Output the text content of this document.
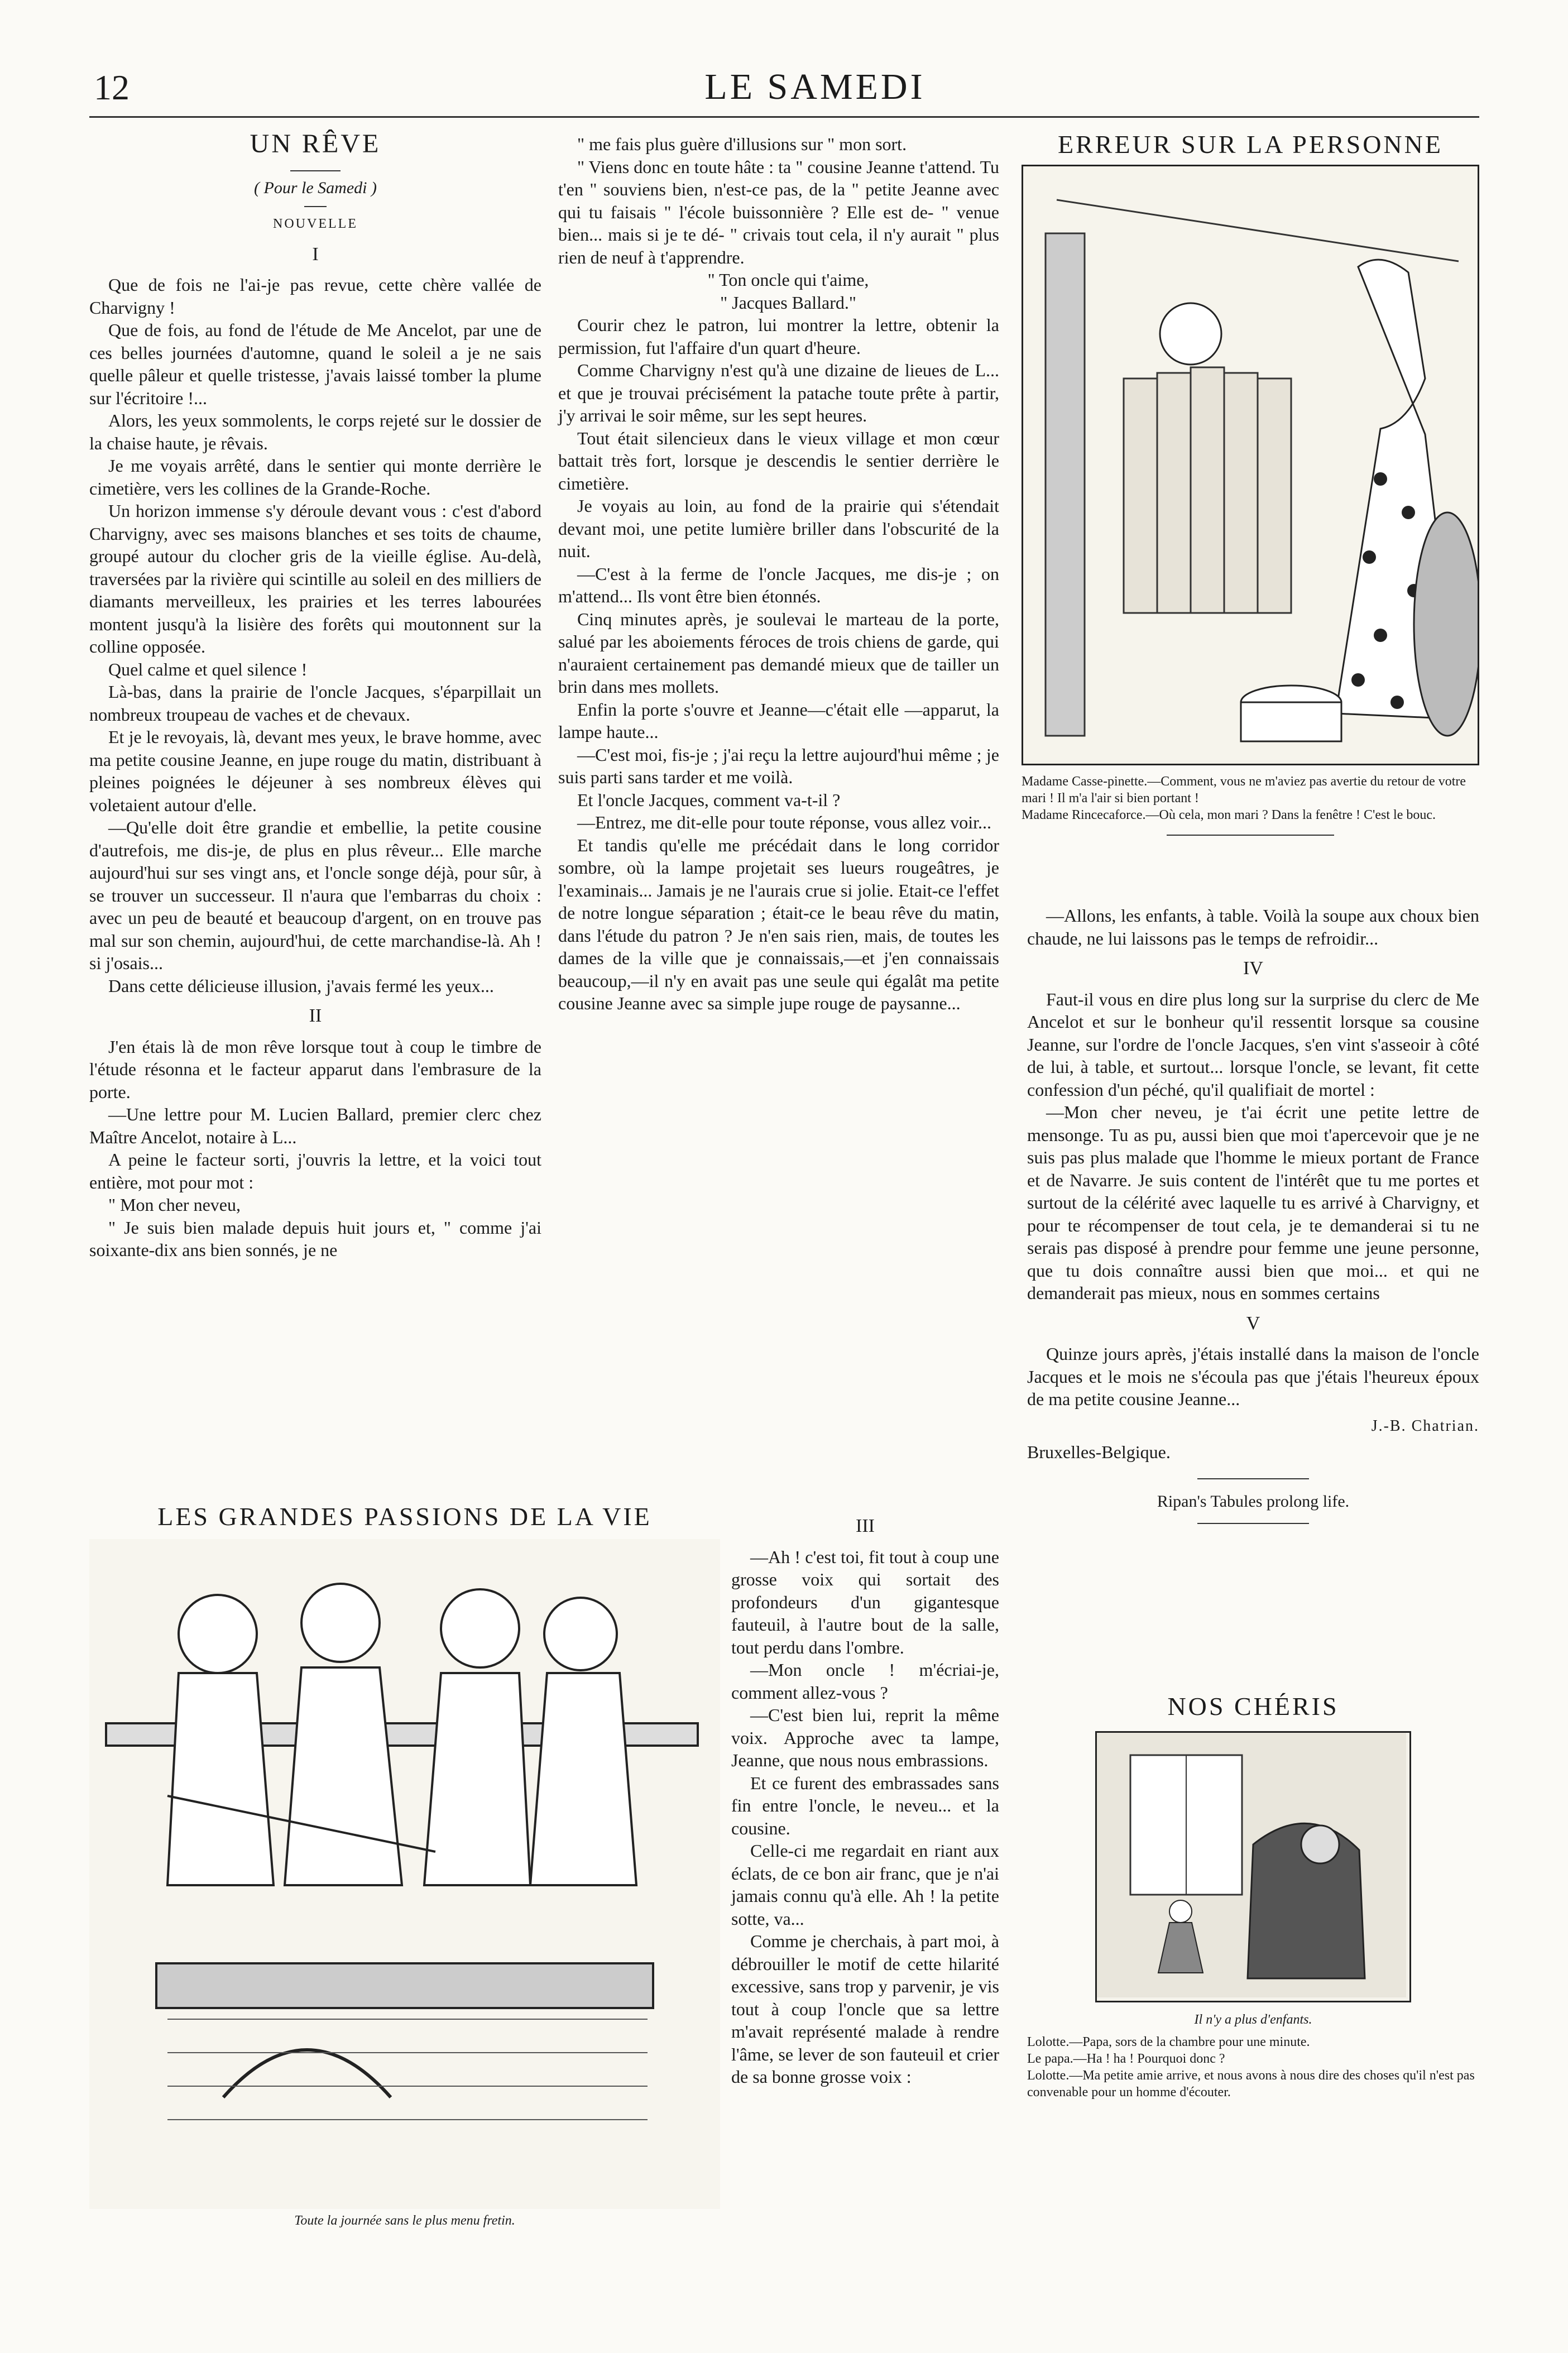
12	LE SAMEDI
UN RÊVE
( Pour le Samedi )
NOUVELLE
I

Que de fois ne l'ai-je pas revue, cette chère vallée de Charvigny !

Que de fois, au fond de l'étude de Me Ancelot, par une de ces belles journées d'automne, quand le soleil a je ne sais quelle pâleur et quelle tristesse, j'avais laissé tomber la plume sur l'écritoire !...

Alors, les yeux sommolents, le corps rejeté sur le dossier de la chaise haute, je rêvais.

Je me voyais arrêté, dans le sentier qui monte derrière le cimetière, vers les collines de la Grande-Roche.

Un horizon immense s'y déroule devant vous : c'est d'abord Charvigny, avec ses maisons blanches et ses toits de chaume, groupé autour du clocher gris de la vieille église. Au-delà, traversées par la rivière qui scintille au soleil en des milliers de diamants merveilleux, les prairies et les terres labourées montent jusqu'à la lisière des forêts qui moutonnent sur la colline opposée.

Quel calme et quel silence !

Là-bas, dans la prairie de l'oncle Jacques, s'éparpillait un nombreux troupeau de vaches et de chevaux.

Et je le revoyais, là, devant mes yeux, le brave homme, avec ma petite cousine Jeanne, en jupe rouge du matin, distribuant à pleines poignées le déjeuner à ses nombreux élèves qui voletaient autour d'elle.

—Qu'elle doit être grandie et embellie, la petite cousine d'autrefois, me dis-je, de plus en plus rêveur... Elle marche aujourd'hui sur ses vingt ans, et l'oncle songe déjà, pour sûr, à se trouver un successeur. Il n'aura que l'embarras du choix : avec un peu de beauté et beaucoup d'argent, on en trouve pas mal sur son chemin, aujourd'hui, de cette marchandise-là. Ah ! si j'osais...

Dans cette délicieuse illusion, j'avais fermé les yeux...

II

J'en étais là de mon rêve lorsque tout à coup le timbre de l'étude résonna et le facteur apparut dans l'embrasure de la porte.

—Une lettre pour M. Lucien Ballard, premier clerc chez Maître Ancelot, notaire à L...

A peine le facteur sorti, j'ouvris la lettre, et la voici tout entière, mot pour mot :

" Mon cher neveu,

" Je suis bien malade depuis huit jours et, " comme j'ai soixante-dix ans bien sonnés, je ne

" me fais plus guère d'illusions sur " mon sort.

" Viens donc en toute hâte : ta " cousine Jeanne t'attend. Tu t'en " souviens bien, n'est-ce pas, de la " petite Jeanne avec qui tu faisais " l'école buissonnière ? Elle est de- " venue bien... mais si je te dé- " crivais tout cela, il n'y aurait " plus rien de neuf à t'apprendre.

" Ton oncle qui t'aime,

" Jacques Ballard."

Courir chez le patron, lui montrer la lettre, obtenir la permission, fut l'affaire d'un quart d'heure.

Comme Charvigny n'est qu'à une dizaine de lieues de L... et que je trouvai précisément la patache toute prête à partir, j'y arrivai le soir même, sur les sept heures.

Tout était silencieux dans le vieux village et mon cœur battait très fort, lorsque je descendis le sentier derrière le cimetière.

Je voyais au loin, au fond de la prairie qui s'étendait devant moi, une petite lumière briller dans l'obscurité de la nuit.

—C'est à la ferme de l'oncle Jacques, me dis-je ; on m'attend... Ils vont être bien étonnés.

Cinq minutes après, je soulevai le marteau de la porte, salué par les aboiements féroces de trois chiens de garde, qui n'auraient certainement pas demandé mieux que de tailler un brin dans mes mollets.

Enfin la porte s'ouvre et Jeanne—c'était elle —apparut, la lampe haute...

—C'est moi, fis-je ; j'ai reçu la lettre aujourd'hui même ; je suis parti sans tarder et me voilà.

Et l'oncle Jacques, comment va-t-il ?

—Entrez, me dit-elle pour toute réponse, vous allez voir...

Et tandis qu'elle me précédait dans le long corridor sombre, où la lampe projetait ses lueurs rougeâtres, je l'examinais... Jamais je ne l'aurais crue si jolie. Etait-ce l'effet de notre longue séparation ; était-ce le beau rêve du matin, dans l'étude du patron ? Je n'en sais rien, mais, de toutes les dames de la ville que je connaissais,—et j'en connaissais beaucoup,—il n'y en avait pas une seule qui égalât ma petite cousine Jeanne avec sa simple jupe rouge de paysanne...

ERREUR SUR LA PERSONNE
Madame Casse-pinette.—Comment, vous ne m'aviez pas avertie du retour de votre mari ! Il m'a l'air si bien portant !
Madame Rincecaforce.—Où cela, mon mari ? Dans la fenêtre ! C'est le bouc.

—Allons, les enfants, à table. Voilà la soupe aux choux bien chaude, ne lui laissons pas le temps de refroidir...

IV

Faut-il vous en dire plus long sur la surprise du clerc de Me Ancelot et sur le bonheur qu'il ressentit lorsque sa cousine Jeanne, sur l'ordre de l'oncle Jacques, s'en vint s'asseoir à côté de lui, à table, et surtout... lorsque l'oncle, se levant, fit cette confession d'un péché, qu'il qualifiait de mortel :

—Mon cher neveu, je t'ai écrit une petite lettre de mensonge. Tu as pu, aussi bien que moi t'apercevoir que je ne suis pas plus malade que l'homme le mieux portant de France et de Navarre. Je suis content de l'intérêt que tu me portes et surtout de la célérité avec laquelle tu es arrivé à Charvigny, et pour te récompenser de tout cela, je te demanderai si tu ne serais pas disposé à prendre pour femme une jeune personne, que tu dois connaître aussi bien que moi... et qui ne demanderait pas mieux, nous en sommes certains

V

Quinze jours après, j'étais installé dans la maison de l'oncle Jacques et le mois ne s'écoula pas que j'étais l'heureux époux de ma petite cousine Jeanne...

J.-B. Chatrian.
Bruxelles-Belgique.
Ripan's Tabules prolong life.
NOS CHÉRIS
Il n'y a plus d'enfants.
Lolotte.—Papa, sors de la chambre pour une minute.
Le papa.—Ha ! ha ! Pourquoi donc ?
Lolotte.—Ma petite amie arrive, et nous avons à nous dire des choses qu'il n'est pas convenable pour un homme d'écouter.
LES GRANDES PASSIONS DE LA VIE
Toute la journée sans le plus menu fretin.
III

—Ah ! c'est toi, fit tout à coup une grosse voix qui sortait des profondeurs d'un gigantesque fauteuil, à l'autre bout de la salle, tout perdu dans l'ombre.

—Mon oncle ! m'écriai-je, comment allez-vous ?

—C'est bien lui, reprit la même voix. Approche avec ta lampe, Jeanne, que nous nous embrassions.

Et ce furent des embrassades sans fin entre l'oncle, le neveu... et la cousine.

Celle-ci me regardait en riant aux éclats, de ce bon air franc, que je n'ai jamais connu qu'à elle. Ah ! la petite sotte, va...

Comme je cherchais, à part moi, à débrouiller le motif de cette hilarité excessive, sans trop y parvenir, je vis tout à coup l'oncle que sa lettre m'avait représenté malade à rendre l'âme, se lever de son fauteuil et crier de sa bonne grosse voix :
